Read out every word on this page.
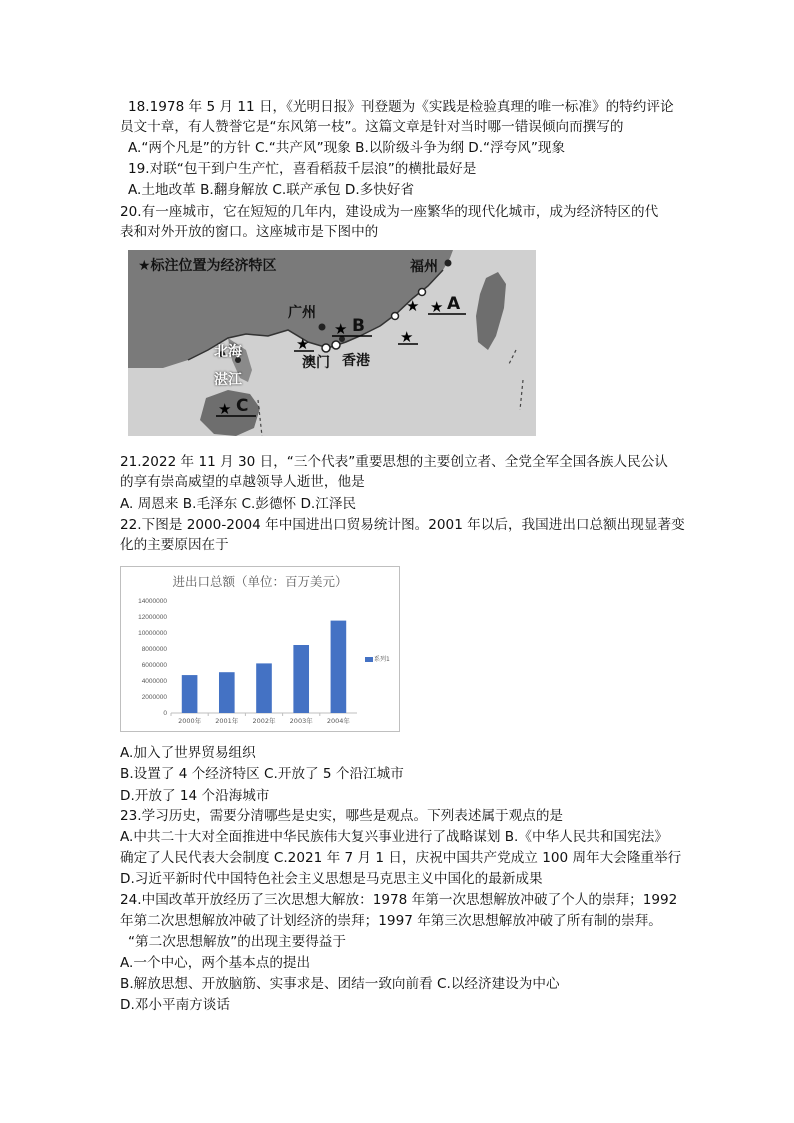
18.1978 年 5 月 11 日，《光明日报》刊登题为《实践是检验真理的唯一标准》的特约评论
员文十章，有人赞誉它是“东风第一枝”。这篇文章是针对当时哪一错误倾向而撰写的
A.“两个凡是”的方针 C.“共产风”现象 B.以阶级斗争为纲 D.“浮夸风”现象
19.对联“包干到户生产忙，喜看稻菽千层浪”的横批最好是
A.土地改革 B.翻身解放 C.联产承包 D.多快好省
20.有一座城市，它在短短的几年内，建设成为一座繁华的现代化城市，成为经济特区的代
表和对外开放的窗口。这座城市是下图中的
★
★	★
★
★
★
★标注位置为经济特区	福州
广州
北海
湛江
澳门 香港
A
B
C
21.2022 年 11 月 30 日，“三个代表”重要思想的主要创立者、全党全军全国各族人民公认
的享有崇高威望的卓越领导人逝世，他是
A. 周恩来 B.毛泽东 C.彭德怀 D.江泽民
22.下图是 2000-2004 年中国进出口贸易统计图。2001 年以后，我国进出口总额出现显著变
化的主要原因在于
进出口总额（单位：百万美元）
14000000
12000000
10000000
8000000
6000000
4000000
2000000
0
2000年 2001年 2002年 2003年 2004年
系列1
A.加入了世界贸易组织
B.设置了 4 个经济特区 C.开放了 5 个沿江城市
D.开放了 14 个沿海城市
23.学习历史，需要分清哪些是史实，哪些是观点。下列表述属于观点的是
A.中共二十大对全面推进中华民族伟大复兴事业进行了战略谋划 B.《中华人民共和国宪法》
确定了人民代表大会制度 C.2021 年 7 月 1 日，庆祝中国共产党成立 100 周年大会隆重举行
D.习近平新时代中国特色社会主义思想是马克思主义中国化的最新成果
24.中国改革开放经历了三次思想大解放：1978 年第一次思想解放冲破了个人的崇拜；1992
年第二次思想解放冲破了计划经济的崇拜；1997 年第三次思想解放冲破了所有制的崇拜。
“第二次思想解放”的出现主要得益于
A.一个中心，两个基本点的提出
B.解放思想、开放脑筋、实事求是、团结一致向前看 C.以经济建设为中心
D.邓小平南方谈话
